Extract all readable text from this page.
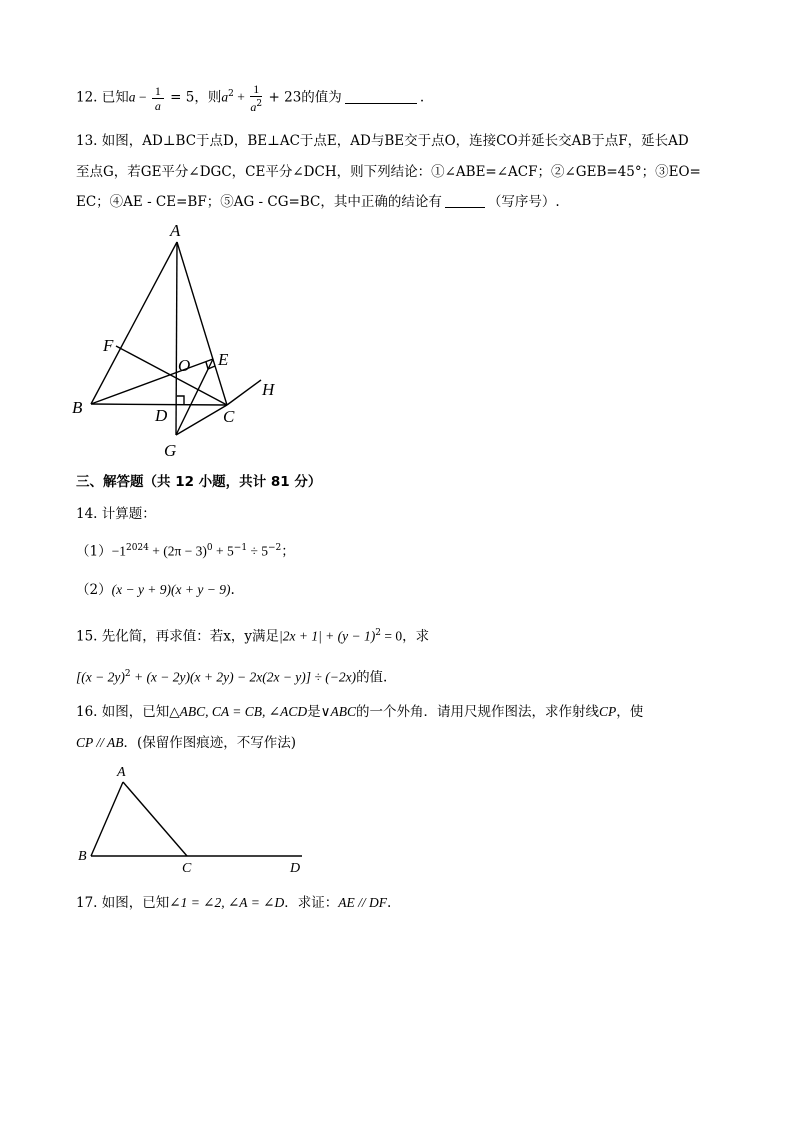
12. 已知$a - \frac{1}{a} = 5$，则$a^2 + \frac{1}{a^2} + 23$的值为	.
13. 如图，AD⊥BC于点D，BE⊥AC于点E，AD与BE交于点O，连接CO并延长交AB于点F，延长AD
至点G，若GE平分∠DGC，CE平分∠DCH，则下列结论：①∠ABE=∠ACF；②∠GEB=45°；③EO=
EC；④AE - CE=BF；⑤AG - CG=BC，其中正确的结论有	（写序号）.
A
F
O E
H
B	D	C
G
三、解答题（共 12 小题，共计 81 分）
14. 计算题：
$(1)-1^{2024} + (2\pi - 3)^0 + 5^{-1} \div 5^{-2}$；
（2）(x − y + 9)(x + y − 9).
15. 先化简，再求值：若x，y满足$|2x + 1| + (y - 1)^2 = 0$，求
$[(x - 2y)^2 + (x - 2y)(x + 2y) - 2x(2x - y)] \div (-2x)$的值.
16. 如图，已知△ABC, CA = CB, ∠ACD是∨ABC的一个外角．请用尺规作图法，求作射线CP，使
CP // AB．(保留作图痕迹，不写作法)
A
B
C	D
17. 如图，已知∠1 = ∠2, ∠A = ∠D．求证：AE // DF.
